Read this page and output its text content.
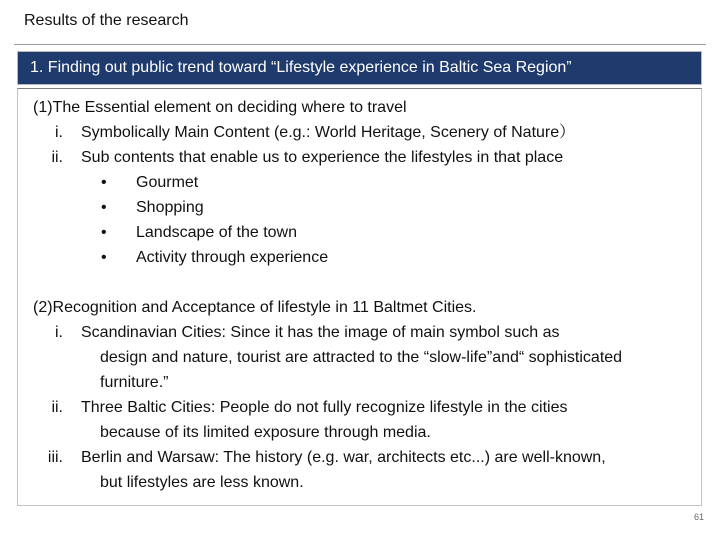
Results of the research
1. Finding out public trend toward “Lifestyle experience in Baltic Sea Region”
(1)The Essential element on deciding where to travel
i.	Symbolically Main Content (e.g.: World Heritage, Scenery of Nature）
ii.	Sub contents that enable us to experience the lifestyles in that place
•	Gourmet
•	Shopping
•	Landscape of the town
•	Activity through experience
(2)Recognition and Acceptance of lifestyle in 11 Baltmet Cities.
i.	Scandinavian Cities: Since it has the image of main symbol such as
design and nature, tourist are attracted to the “slow-life”and“ sophisticated
furniture.”
ii.	Three Baltic Cities: People do not fully recognize lifestyle in the cities
because of its limited exposure through media.
iii.	Berlin and Warsaw: The history (e.g. war, architects etc...) are well-known,
but lifestyles are less known.
61
